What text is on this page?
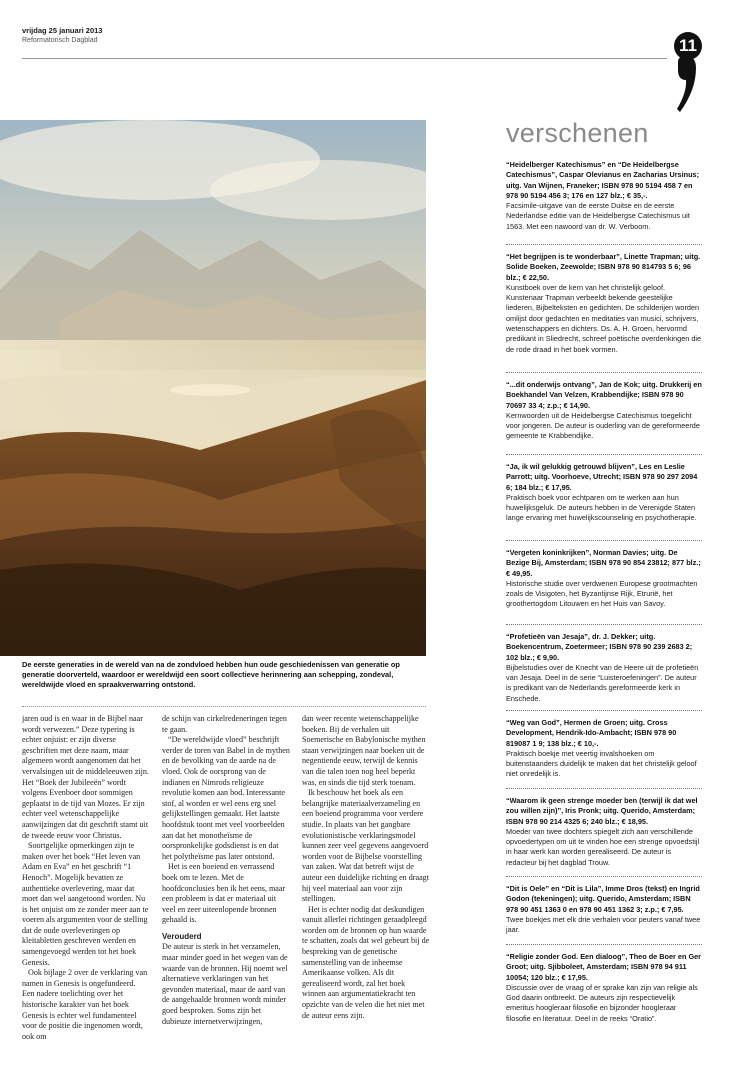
vrijdag 25 januari 2013
Reformatorisch Dagblad	11
De eerste generaties in de wereld van na de zondvloed hebben hun oude geschiedenissen van generatie op generatie doorverteld, waardoor er wereldwijd een soort collectieve herinnering aan schepping, zondeval, wereldwijde vloed en spraakverwarring ontstond.

jaren oud is en waar in de Bijbel naar wordt verwezen.” Deze typering is echter onjuist: er zijn diverse geschriften met deze naam, maar algemeen wordt aangenomen dat het vervalsingen uit de middeleeuwen zijn. Het “Boek der Jubileeën” wordt volgens Evenboer door sommigen geplaatst in de tijd van Mozes. Er zijn echter veel wetenschappelijke aanwijzingen dat dit geschrift stamt uit de tweede eeuw voor Christus.

Soortgelijke opmerkingen zijn te maken over het boek “Het leven van Adam en Eva” en het geschrift “1 Henoch”. Mogelijk bevatten ze authentieke overlevering, maar dat moet dan wel aangetoond worden. Nu is het onjuist om ze zonder meer aan te voeren als argumenten voor de stelling dat de oude overleveringen op kleitabletten geschreven werden en samengevoegd werden tot het boek Genesis.

Ook bijlage 2 over de verklaring van namen in Genesis is ongefundeerd. Een nadere toelichting over het historische karakter van het boek Genesis is echter wel fundamenteel voor de positie die ingenomen wordt, ook om

de schijn van cirkelredeneringen tegen te gaan.

“De wereldwijde vloed” beschrijft verder de toren van Babel in de mythen en de bevolking van de aarde na de vloed. Ook de oorsprong van de indianen en Nimrods religieuze revolutie komen aan bod. Interessante stof, al worden er wel eens erg snel gelijkstellingen gemaakt. Het laatste hoofdstuk toont met veel voorbeelden aan dat het monotheïsme de oorspronkelijke godsdienst is en dat het polytheïsme pas later ontstond.

Het is een boeiend en verrassend boek om te lezen. Met de hoofdconclusies ben ik het eens, maar een probleem is dat er materiaal uit veel en zeer uiteenlopende bronnen gehaald is.

Verouderd

De auteur is sterk in het verzamelen, maar minder goed in het wegen van de waarde van de bronnen. Hij noemt wel alternatieve verklaringen van het gevonden materiaal, maar de aard van de aangehaalde bronnen wordt minder goed besproken. Soms zijn het dubieuze internetverwijzingen,

dan weer recente wetenschappelijke boeken. Bij de verhalen uit Soemerische en Babylonische mythen staan verwijzingen naar boeken uit de negentiende eeuw, terwijl de kennis van die talen toen nog heel beperkt was, en sinds die tijd sterk toenam.

Ik beschouw het boek als een belangrijke materiaalverzameling en een boeiend programma voor verdere studie. In plaats van het gangbare evolutionistische verklaringsmodel kunnen zeer veel gegevens aangevoerd worden voor de Bijbelse voorstelling van zaken. Wat dat betreft wijst de auteur een duidelijke richting en draagt hij veel materiaal aan voor zijn stellingen.

Het is echter nodig dat deskundigen vanuit allerlei richtingen geraadpleegd worden om de bronnen op hun waarde te schatten, zoals dat wel gebeurt bij de bespreking van de genetische samenstelling van de inheemse Amerikaanse volken. Als dit gerealiseerd wordt, zal het boek winnen aan argumentatiekracht ten opzichte van de velen die het niet met de auteur eens zijn.

verschenen
“Heidelberger Katechismus” en “De Heidelbergse Catechismus”, Caspar Olevianus en Zacharias Ursinus; uitg. Van Wijnen, Franeker; ISBN 978 90 5194 458 7 en 978 90 5194 456 3; 176 en 127 blz.; € 35,-.
Facsimile-uitgave van de eerste Duitse en de eerste Nederlandse editie van de Heidelbergse Catechismus uit 1563. Met een nawoord van dr. W. Verboom.
“Het begrijpen is te wonderbaar”, Linette Trapman; uitg. Solide Boeken, Zeewolde; ISBN 978 90 814793 5 6; 96 blz.; € 22,50.
Kunstboek over de kern van het christelijk geloof. Kunstenaar Trapman verbeeldt bekende geestelijke liederen, Bijbelteksten en gedichten. De schilderijen worden omlijst door gedachten en meditaties van musici, schrijvers, wetenschappers en dichters. Ds. A. H. Groen, hervormd predikant in Sliedrecht, schreef poëtische overdenkingen die de rode draad in het boek vormen.
“...dit onderwijs ontvang”, Jan de Kok; uitg. Drukkerij en Boekhandel Van Velzen, Krabbendijke; ISBN 978 90 70697 33 4; z.p.; € 14,90.
Kernwoorden uit de Heidelbergse Catechismus toegelicht voor jongeren. De auteur is ouderling van de gereformeerde gemeente te Krabbendijke.
“Ja, ik wil gelukkig getrouwd blijven”, Les en Leslie Parrott; uitg. Voorhoeve, Utrecht; ISBN 978 90 297 2094 6; 184 blz.; € 17,95.
Praktisch boek voor echtparen om te werken aan hun huwelijksgeluk. De auteurs hebben in de Verenigde Staten lange ervaring met huwelijkscounseling en psychotherapie.
“Vergeten koninkrijken”, Norman Davies; uitg. De Bezige Bij, Amsterdam; ISBN 978 90 854 23812; 877 blz.; € 49,95.
Historische studie over verdwenen Europese grootmachten zoals de Visigoten, het Byzantijnse Rijk, Etrurië, het groothertogdom Litouwen en het Huis van Savoy.
“Profetieën van Jesaja”, dr. J. Dekker; uitg. Boekencentrum, Zoetermeer; ISBN 978 90 239 2683 2; 102 blz.; € 9,90.
Bijbelstudies over de Knecht van de Heere uit de profetieën van Jesaja. Deel in de serie “Luisteroefeningen”. De auteur is predikant van de Nederlands gereformeerde kerk in Enschede.
“Weg van God”, Hermen de Groen; uitg. Cross Development, Hendrik-Ido-Ambacht; ISBN 978 90 819087 1 9; 138 blz.; € 10,-.
Praktisch boekje met veertig invalshoeken om buitenstaanders duidelijk te maken dat het christelijk geloof niet onredelijk is.
“Waarom ik geen strenge moeder ben (terwijl ik dat wel zou willen zijn)”, Iris Pronk; uitg. Querido, Amsterdam; ISBN 978 90 214 4325 6; 240 blz.; € 18,95.
Moeder van twee dochters spiegelt zich aan verschillende opvoedertypen om uit te vinden hoe een strenge opvoedstijl in haar werk kan worden gerealiseerd. De auteur is redacteur bij het dagblad Trouw.
“Dit is Oele” en “Dit is Lila”, Imme Dros (tekst) en Ingrid Godon (tekeningen); uitg. Querido, Amsterdam; ISBN 978 90 451 1363 0 en 978 90 451 1362 3; z.p.; € 7,95.
Twee boekjes met elk drie verhalen voor peuters vanaf twee jaar.
“Religie zonder God. Een dialoog”, Theo de Boer en Ger Groot; uitg. Sjibboleet, Amsterdam; ISBN 978 94 911 10054; 120 blz.; € 17,95.
Discussie over de vraag of er sprake kan zijn van religie als God daarin ontbreekt. De auteurs zijn respectievelijk emeritus hoogleraar filosofie en bijzonder hoogleraar filosofie en literatuur. Deel in de reeks “Oratio”.
